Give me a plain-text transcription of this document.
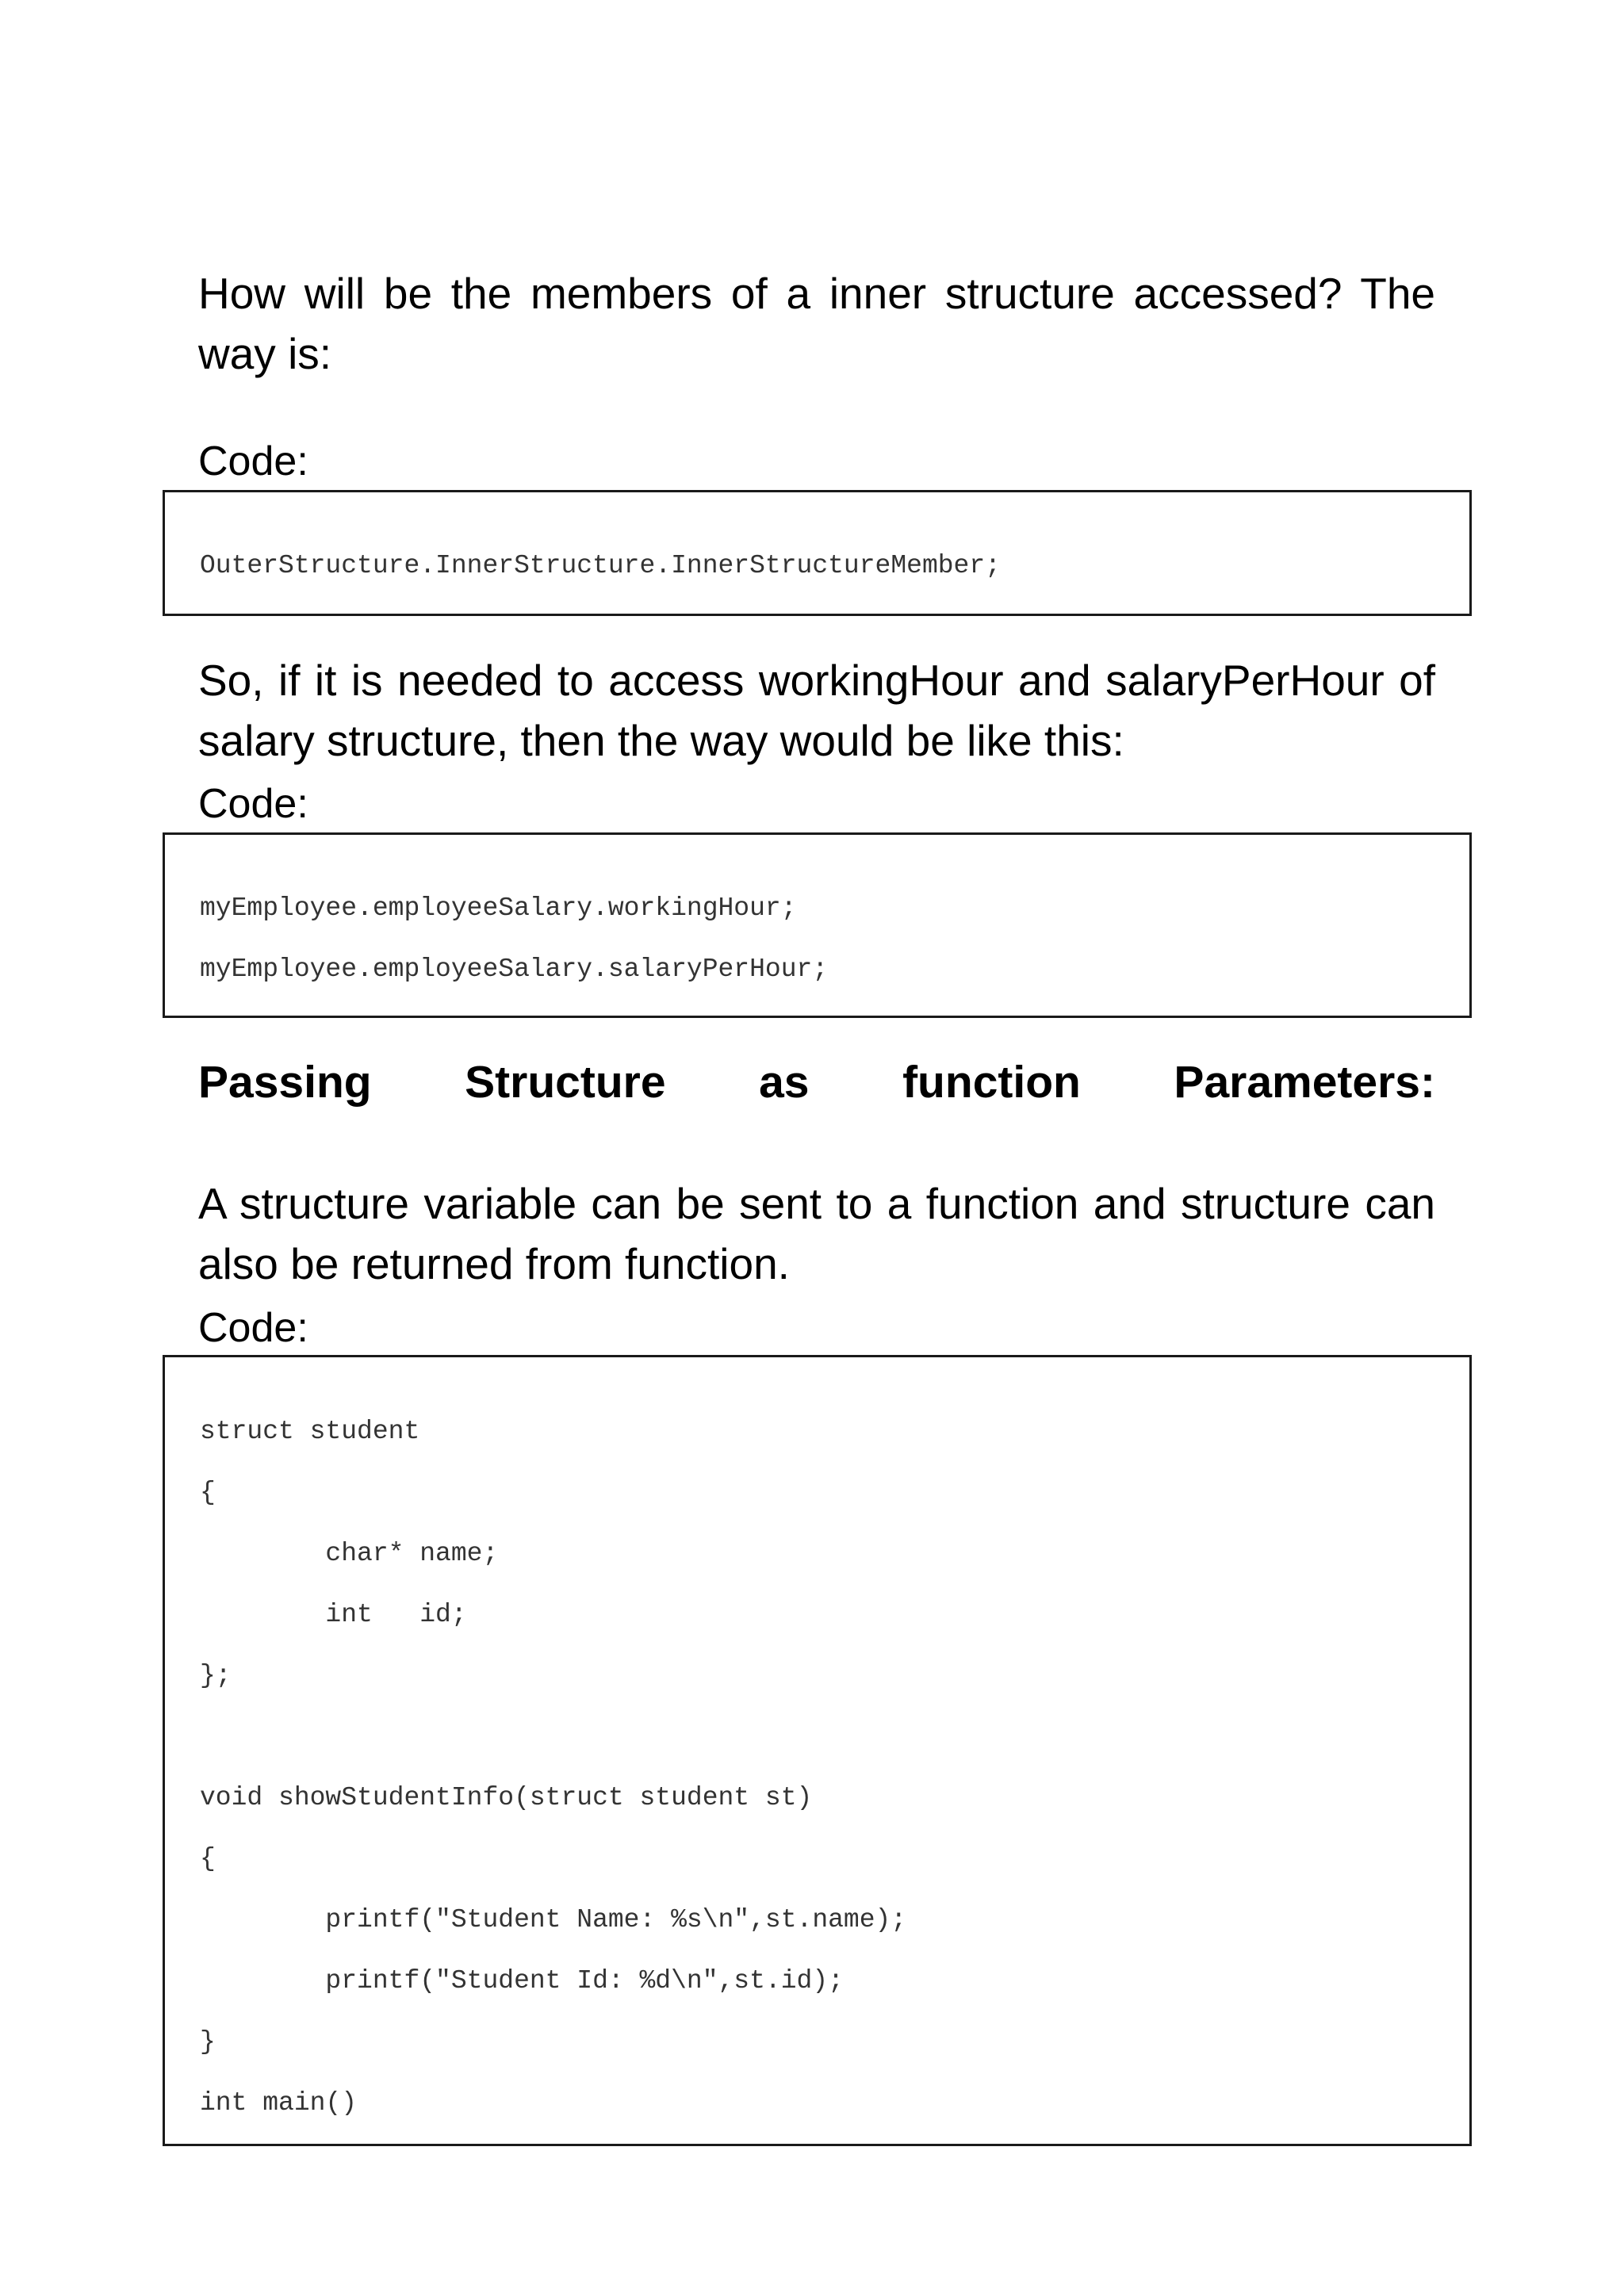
How will be the members of a inner structure accessed? The way is:

Code:

OuterStructure.InnerStructure.InnerStructureMember;

So, if it is needed to access workingHour and salaryPerHour of salary structure, then the way would be like this:

Code:

myEmployee.employeeSalary.workingHour;

myEmployee.employeeSalary.salaryPerHour;

Passing Structure as function Parameters:

A structure variable can be sent to a function and structure can also be returned from function.

Code:

struct student

{

char* name;

int   id;

};

void showStudentInfo(struct student st)

{

printf("Student Name: %s\n",st.name);

printf("Student Id: %d\n",st.id);

}

int main()
